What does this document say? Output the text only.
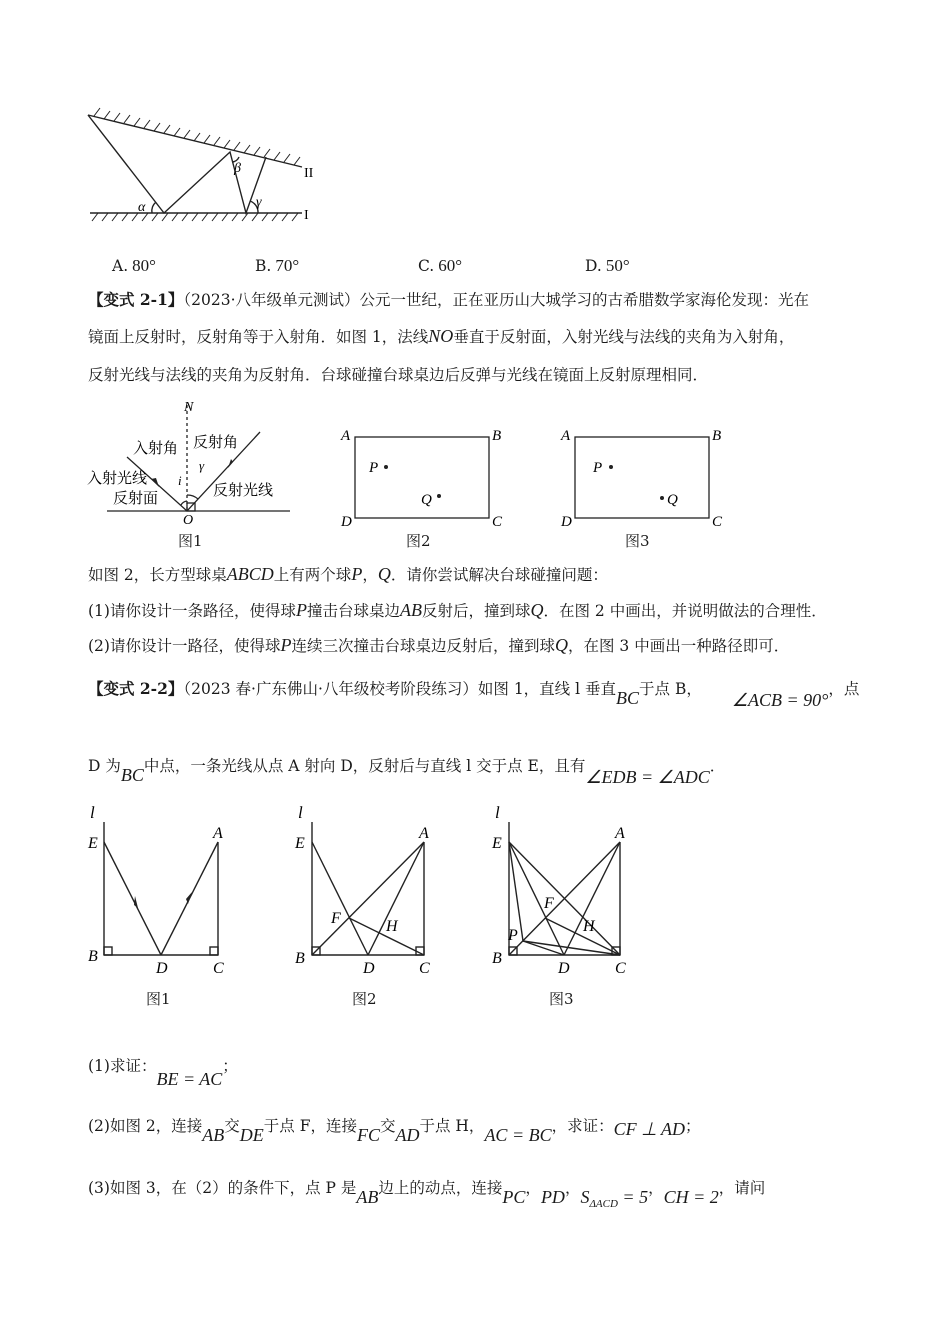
α
β
γ
II
I
A. 80°	B. 70°	C. 60°	D. 50°
【变式 2-1】（2023·八年级单元测试）公元一世纪，正在亚历山大城学习的古希腊数学家海伦发现：光在
镜面上反射时，反射角等于入射角．如图 1，法线NO垂直于反射面，入射光线与法线的夹角为入射角，
反射光线与法线的夹角为反射角．台球碰撞台球桌边后反弹与光线在镜面上反射原理相同．
N
O
i
γ
入射角 反射角
入射光线
反射面	反射光线
图1
A	B
C
D
P
Q
图2
A	B
C
D
P
Q
图3
如图 2，长方型球桌ABCD上有两个球P，Q．请你尝试解决台球碰撞问题：
(1)请你设计一条路径，使得球P撞击台球桌边AB反射后，撞到球Q．在图 2 中画出，并说明做法的合理性．
(2)请你设计一路径，使得球P连续三次撞击台球桌边反射后，撞到球Q，在图 3 中画出一种路径即可．
【变式 2-2】（2023 春·广东佛山·八年级校考阶段练习）如图 1，直线 l 垂直BC于点 B，∠ACB = 90°，点
D 为BC中点，一条光线从点 A 射向 D，反射后与直线 l 交于点 E，且有∠EDB = ∠ADC．
l
E
A
B
D	C
图1
l
E
A
B
D	C
F	H
图2
l
E
A
B
D	C
F
H
P
图3
(1)求证：BE = AC；
(2)如图 2，连接AB交DE于点 F，连接FC交AD于点 H，AC = BC，求证：CF ⊥ AD；
(3)如图 3，在（2）的条件下，点 P 是AB边上的动点，连接PC，PD，$S_{\Delta ACD} = 5$，CH = 2，请问
